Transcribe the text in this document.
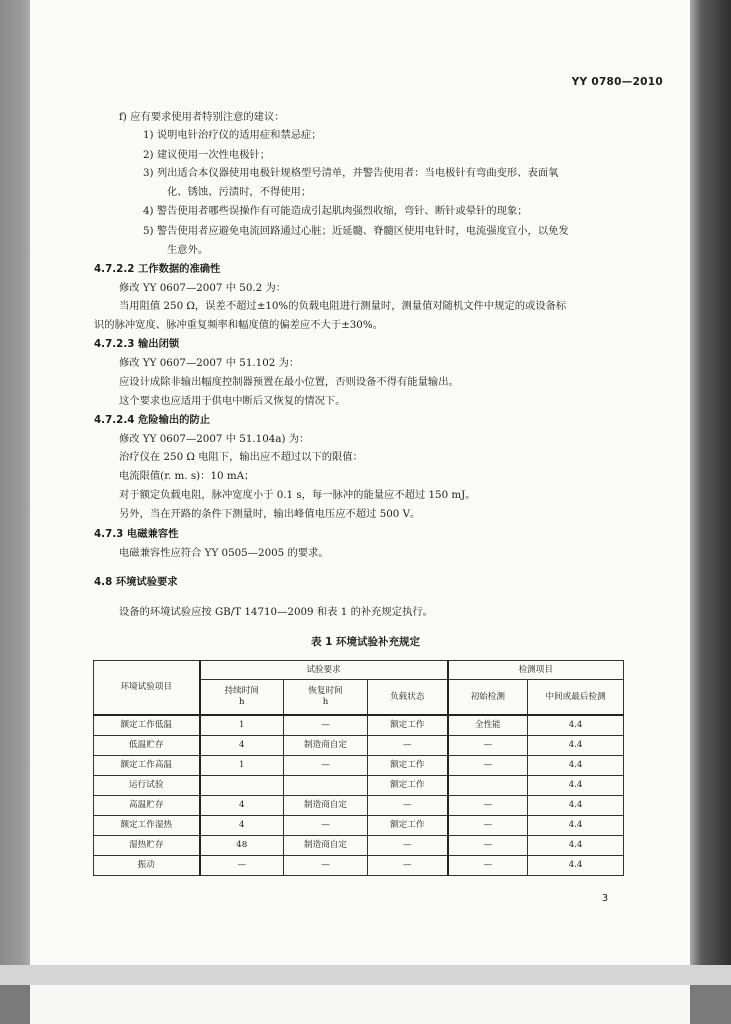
YY 0780—2010
f) 应有要求使用者特别注意的建议：
1) 说明电针治疗仪的适用症和禁忌症；
2) 建议使用一次性电极针；
3) 列出适合本仪器使用电极针规格型号清单，并警告使用者：当电极针有弯曲变形、表面氧
化、锈蚀、污渍时，不得使用；
4) 警告使用者哪些误操作有可能造成引起肌肉强烈收缩，弯针、断针或晕针的现象；
5) 警告使用者应避免电流回路通过心脏；近延髓、脊髓区使用电针时，电流强度宜小，以免发
生意外。
4.7.2.2 工作数据的准确性
修改 YY 0607—2007 中 50.2 为：
当用阻值 250 Ω，误差不超过±10%的负载电阻进行测量时，测量值对随机文件中规定的或设备标
识的脉冲宽度、脉冲重复频率和幅度值的偏差应不大于±30%。
4.7.2.3 输出闭锁
修改 YY 0607—2007 中 51.102 为：
应设计成除非输出幅度控制器预置在最小位置，否则设备不得有能量输出。
这个要求也应适用于供电中断后又恢复的情况下。
4.7.2.4 危险输出的防止
修改 YY 0607—2007 中 51.104a) 为：
治疗仪在 250 Ω 电阻下，输出应不超过以下的限值：
电流限值(r. m. s)：10 mA；
对于额定负载电阻，脉冲宽度小于 0.1 s，每一脉冲的能量应不超过 150 mJ。
另外，当在开路的条件下测量时，输出峰值电压应不超过 500 V。
4.7.3 电磁兼容性
电磁兼容性应符合 YY 0505—2005 的要求。
4.8 环境试验要求
设备的环境试验应按 GB/T 14710—2009 和表 1 的补充规定执行。
表 1 环境试验补充规定
环境试验项目	试验要求			检测项目	
	持续时间
h	恢复时间
h	负载状态	初始检测	中间或最后检测
额定工作低温	1	—	额定工作	全性能	4.4
低温贮存	4	制造商自定	—	—	4.4
额定工作高温	1	—	额定工作	—	4.4
运行试验			额定工作		4.4
高温贮存	4	制造商自定	—	—	4.4
额定工作湿热	4	—	额定工作	—	4.4
湿热贮存	48	制造商自定	—	—	4.4
振动	—	—	—	—	4.4
3
